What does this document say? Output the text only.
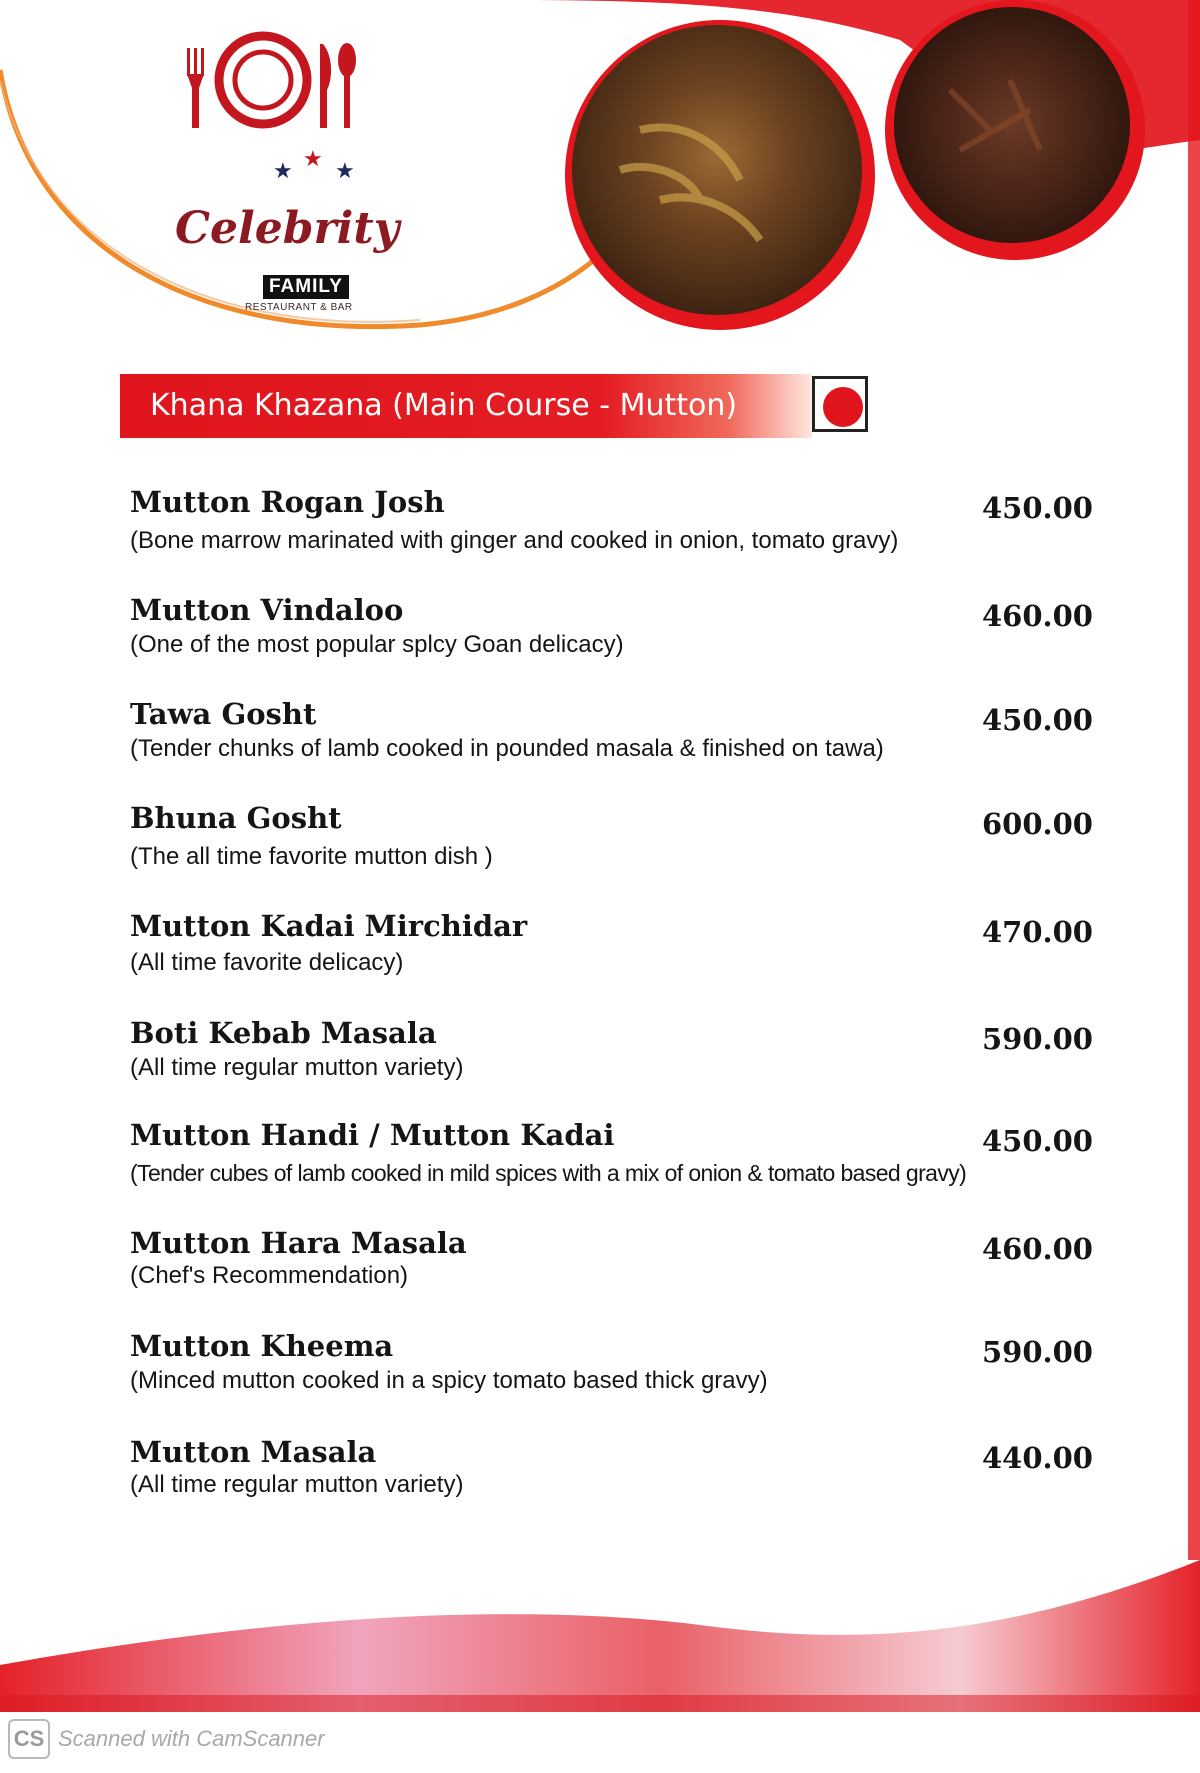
★ ★ ★
Celebrity
FAMILY
RESTAURANT & BAR
Khana Khazana (Main Course - Mutton)
Mutton Rogan Josh
(Bone marrow marinated with ginger and cooked in onion, tomato gravy)
450.00
Mutton Vindaloo
(One of the most popular splcy Goan delicacy)
460.00
Tawa Gosht
(Tender chunks of lamb cooked in pounded masala & finished on tawa)
450.00
Bhuna Gosht
(The all time favorite mutton dish )
600.00
Mutton Kadai Mirchidar
(All time favorite delicacy)
470.00
Boti Kebab Masala
(All time regular mutton variety)
590.00
Mutton Handi / Mutton Kadai
(Tender cubes of lamb cooked in mild spices with a mix of onion & tomato based gravy)
450.00
Mutton Hara Masala
(Chef's Recommendation)
460.00
Mutton Kheema
(Minced mutton cooked in a spicy tomato based thick gravy)
590.00
Mutton Masala
(All time regular mutton variety)
440.00
CS Scanned with CamScanner
